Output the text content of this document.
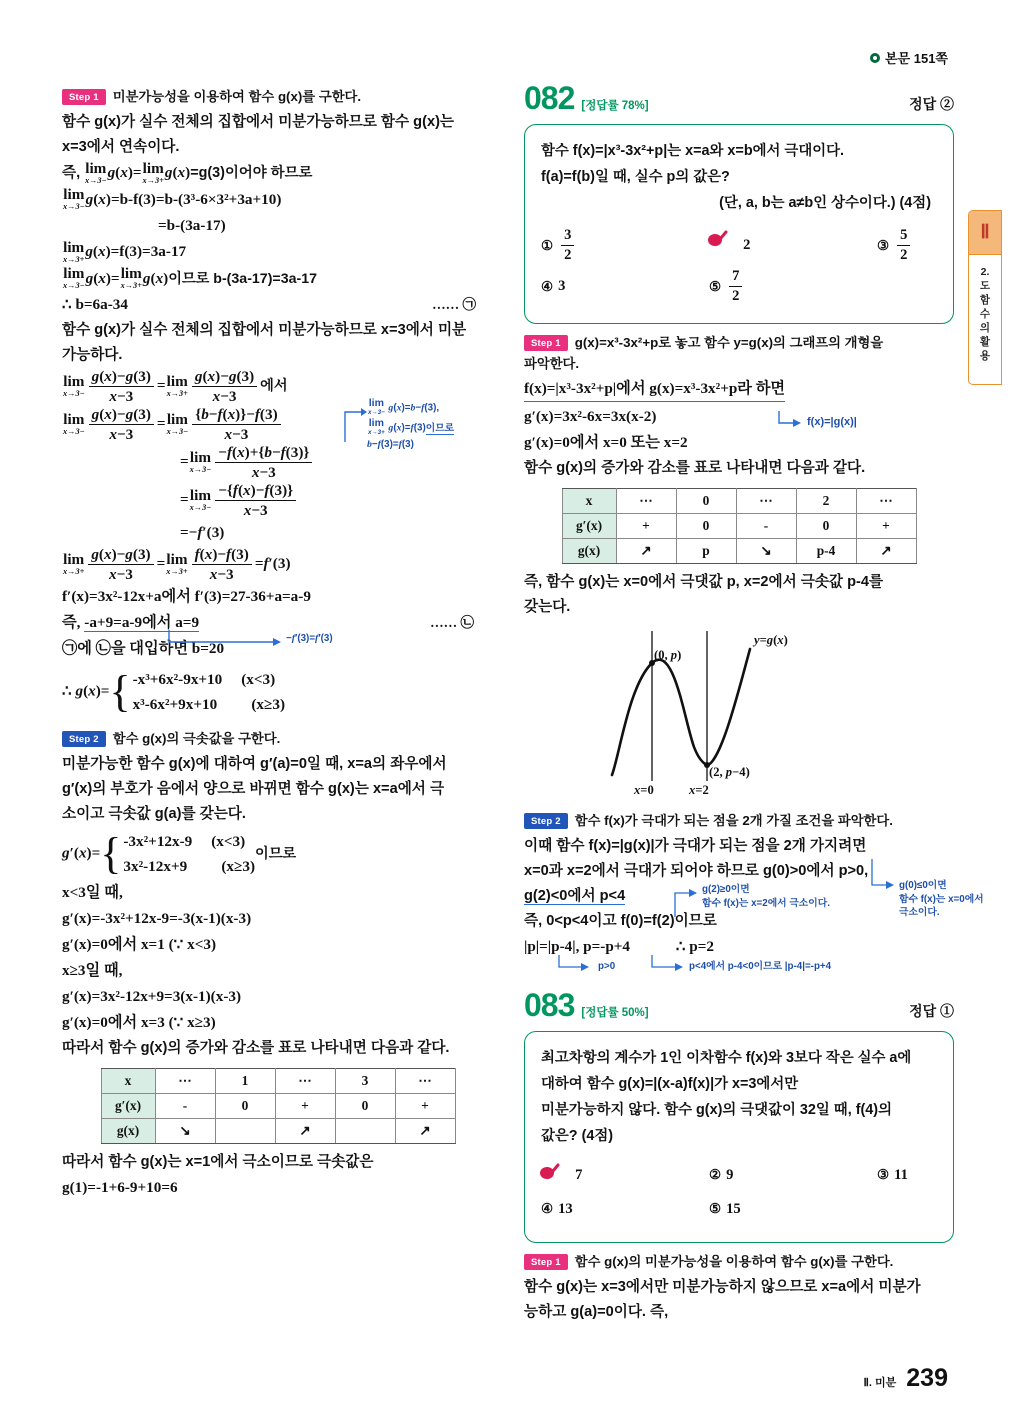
본문 151쪽
Ⅱ
2.
도
함
수
의
활
용
Step 1	미분가능성을 이용하여 함수 g(x)를 구한다.
함수 g(x)가 실수 전체의 집합에서 미분가능하므로 함수 g(x)는
x=3에서 연속이다.
즉, lim
x→3− g(x)= lim
x→3+ g(x)=g(3)이어야 하므로
lim
x→3− g(x)=b-f(3)=b-(3³-6×3²+3a+10)
=b-(3a-17)
lim
x→3+ g(x)=f(3)=3a-17
lim
x→3− g(x)= lim
x→3+ g(x)이므로 b-(3a-17)=3a-17
∴ b=6a-34	…… ㉠
함수 g(x)가 실수 전체의 집합에서 미분가능하므로 x=3에서 미분
가능하다.
lim
$x\to 3- \frac{g(x)-g(3)}{x-3} = \lim$
$x\to 3+ \frac{g(x)-g(3)}{x-3}$ 에서
lim
$x\to 3- \frac{g(x)-g(3)}{x-3} = \lim$
$x\to 3- \frac{\{b-f(x)\}-f(3)}{x-3}$
= lim
$x\to 3- \frac{-f(x)+\{b-f(3)\}}{x-3}$
= lim
$x\to 3- \frac{-\{f(x)-f(3)\}}{x-3}$
=−f′(3)
lim
x→3− g(x)=b−f(3),
lim
x→3+ g(x)=f(3)이므로
b−f(3)=f(3)
lim
$x\to 3+ \frac{g(x)-g(3)}{x-3} = \lim$
$x\to 3+ \frac{f(x)-f(3)}{x-3} =f'(3)$
f′(x)=3x²-12x+a에서 f′(3)=27-36+a=a-9
즉, -a+9=a-9에서 a=9	…… ㉡
㉠에 ㉡을 대입하면 b=20
−f′(3)=f′(3)
∴ g(x)= { -x³+6x²-9x+10　 (x<3)
x³-6x²+9x+10　　 (x≥3)
Step 2	함수 g(x)의 극솟값을 구한다.
미분가능한 함수 g(x)에 대하여 g′(a)=0일 때, x=a의 좌우에서
g′(x)의 부호가 음에서 양으로 바뀌면 함수 g(x)는 x=a에서 극
소이고 극솟값 g(a)를 갖는다.
g′(x)= { -3x²+12x-9　 (x<3)
3x²-12x+9　　 (x≥3)
이므로
x<3일 때,
g′(x)=-3x²+12x-9=-3(x-1)(x-3)
g′(x)=0에서 x=1 (∵ x<3)
x≥3일 때,
g′(x)=3x²-12x+9=3(x-1)(x-3)
g′(x)=0에서 x=3 (∵ x≥3)
따라서 함수 g(x)의 증가와 감소를 표로 나타내면 다음과 같다.
x	⋯	1	⋯	3	⋯
g′(x)	-	0	+	0	+
g(x)	↘		↗		↗
따라서 함수 g(x)는 x=1에서 극소이므로 극솟값은
g(1)=-1+6-9+10=6
082 [정답률 78%]	정답 ②
함수 f(x)=|x³-3x²+p|는 x=a와 x=b에서 극대이다.
f(a)=f(b)일 때, 실수 p의 값은?
(단, a, b는 a≠b인 상수이다.) (4점)
① $\frac{3}{2}$	2	③ $\frac{5}{2}$
④ 3	⑤ $\frac{7}{2}$
Step 1	g(x)=x³-3x²+p로 놓고 함수 y=g(x)의 그래프의 개형을
파악한다.
f(x)=|x³-3x²+p|에서 g(x)=x³-3x²+p라 하면
g′(x)=3x²-6x=3x(x-2)	f(x)=|g(x)|
g′(x)=0에서 x=0 또는 x=2
함수 g(x)의 증가와 감소를 표로 나타내면 다음과 같다.
x	⋯	0	⋯	2	⋯
g′(x)	+	0	-	0	+
g(x)	↗	p	↘	p-4	↗
즉, 함수 g(x)는 x=0에서 극댓값 p, x=2에서 극솟값 p-4를
갖는다.
(0, p)
(2, p−4)
y=g(x)
x=0	x=2
Step 2	함수 f(x)가 극대가 되는 점을 2개 가질 조건을 파악한다.
이때 함수 f(x)=|g(x)|가 극대가 되는 점을 2개 가지려면
x=0과 x=2에서 극대가 되어야 하므로 g(0)>0에서 p>0,
g(2)<0에서 p<4	g(2)≥0이면
함수 f(x)는 x=2에서 극소이다.
g(0)≤0이면
함수 f(x)는 x=0에서
극소이다.
즉, 0<p<4이고 f(0)=f(2)이므로
|p|=|p-4|, p=-p+4	∴ p=2
p>0	p<4에서 p-4<0이므로 |p-4|=-p+4
083 [정답률 50%]	정답 ①
최고차항의 계수가 1인 이차함수 f(x)와 3보다 작은 실수 a에
대하여 함수 g(x)=|(x-a)f(x)|가 x=3에서만
미분가능하지 않다. 함수 g(x)의 극댓값이 32일 때, f(4)의
값은? (4점)
7	② 9	③ 11
④ 13	⑤ 15
Step 1	함수 g(x)의 미분가능성을 이용하여 함수 g(x)를 구한다.
함수 g(x)는 x=3에서만 미분가능하지 않으므로 x=a에서 미분가
능하고 g(a)=0이다. 즉,
Ⅱ. 미분 239
